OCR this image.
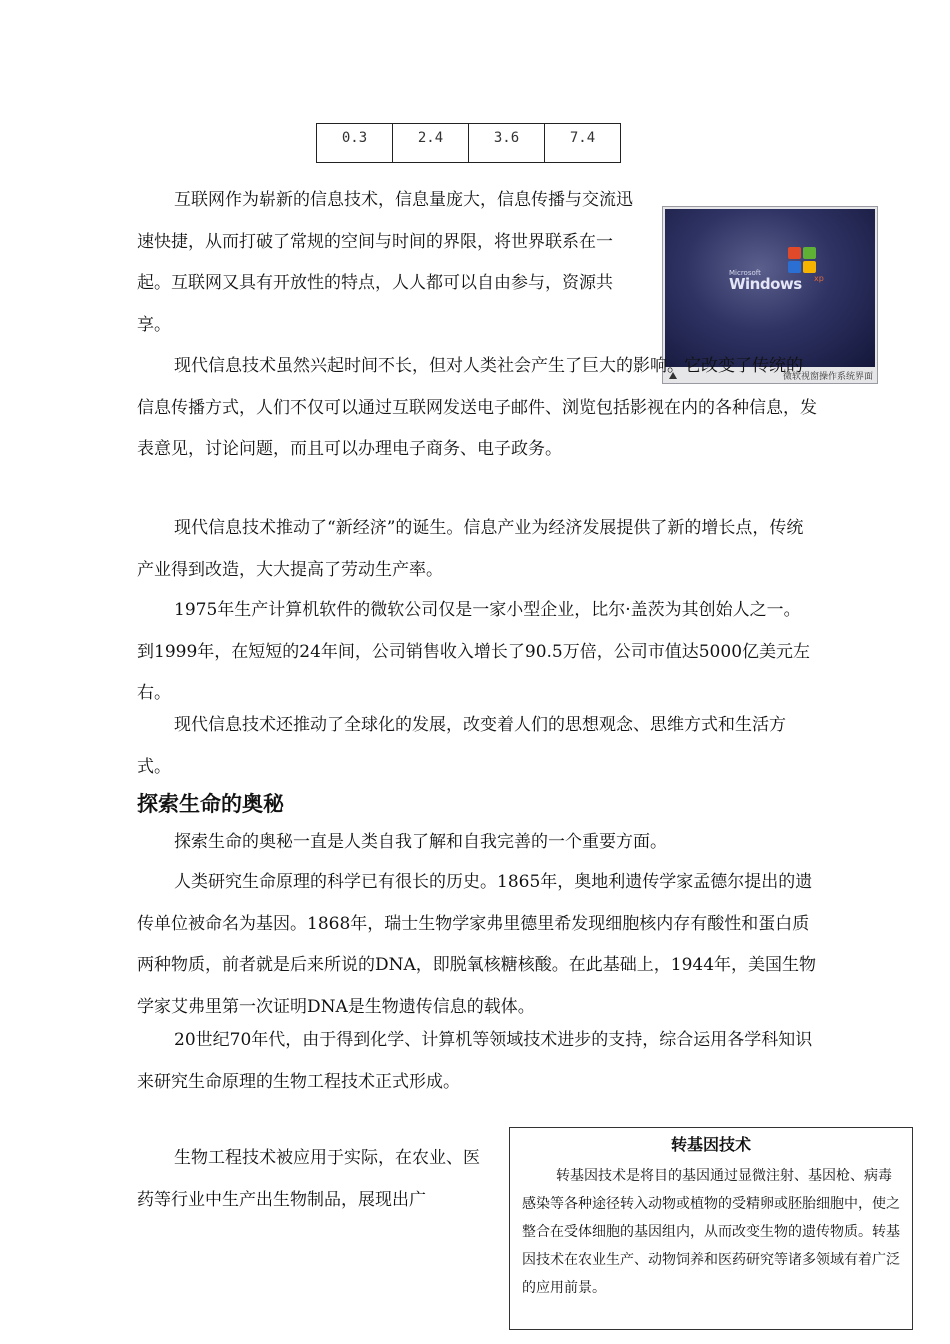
0.3	2.4	3.6	7.4

互联网作为崭新的信息技术，信息量庞大，信息传播与交流迅速快捷，从而打破了常规的空间与时间的界限，将世界联系在一起。互联网又具有开放性的特点，人人都可以自由参与，资源共享。

Microsoft
Windows xp
微软视窗操作系统界面

现代信息技术虽然兴起时间不长，但对人类社会产生了巨大的影响。它改变了传统的信息传播方式，人们不仅可以通过互联网发送电子邮件、浏览包括影视在内的各种信息，发表意见，讨论问题，而且可以办理电子商务、电子政务。

现代信息技术推动了“新经济”的诞生。信息产业为经济发展提供了新的增长点，传统产业得到改造，大大提高了劳动生产率。

1975年生产计算机软件的微软公司仅是一家小型企业，比尔·盖茨为其创始人之一。到1999年，在短短的24年间，公司销售收入增长了90.5万倍，公司市值达5000亿美元左右。

现代信息技术还推动了全球化的发展，改变着人们的思想观念、思维方式和生活方式。

探索生命的奥秘

探索生命的奥秘一直是人类自我了解和自我完善的一个重要方面。

人类研究生命原理的科学已有很长的历史。1865年，奥地利遗传学家孟德尔提出的遗传单位被命名为基因。1868年，瑞士生物学家弗里德里希发现细胞核内存有酸性和蛋白质两种物质，前者就是后来所说的DNA，即脱氧核糖核酸。在此基础上，1944年，美国生物学家艾弗里第一次证明DNA是生物遗传信息的载体。

20世纪70年代，由于得到化学、计算机等领域技术进步的支持，综合运用各学科知识来研究生命原理的生物工程技术正式形成。

生物工程技术被应用于实际，在农业、医药等行业中生产出生物制品，展现出广

转基因技术

转基因技术是将目的基因通过显微注射、基因枪、病毒感染等各种途径转入动物或植物的受精卵或胚胎细胞中，使之整合在受体细胞的基因组内，从而改变生物的遗传物质。转基因技术在农业生产、动物饲养和医药研究等诸多领域有着广泛的应用前景。
